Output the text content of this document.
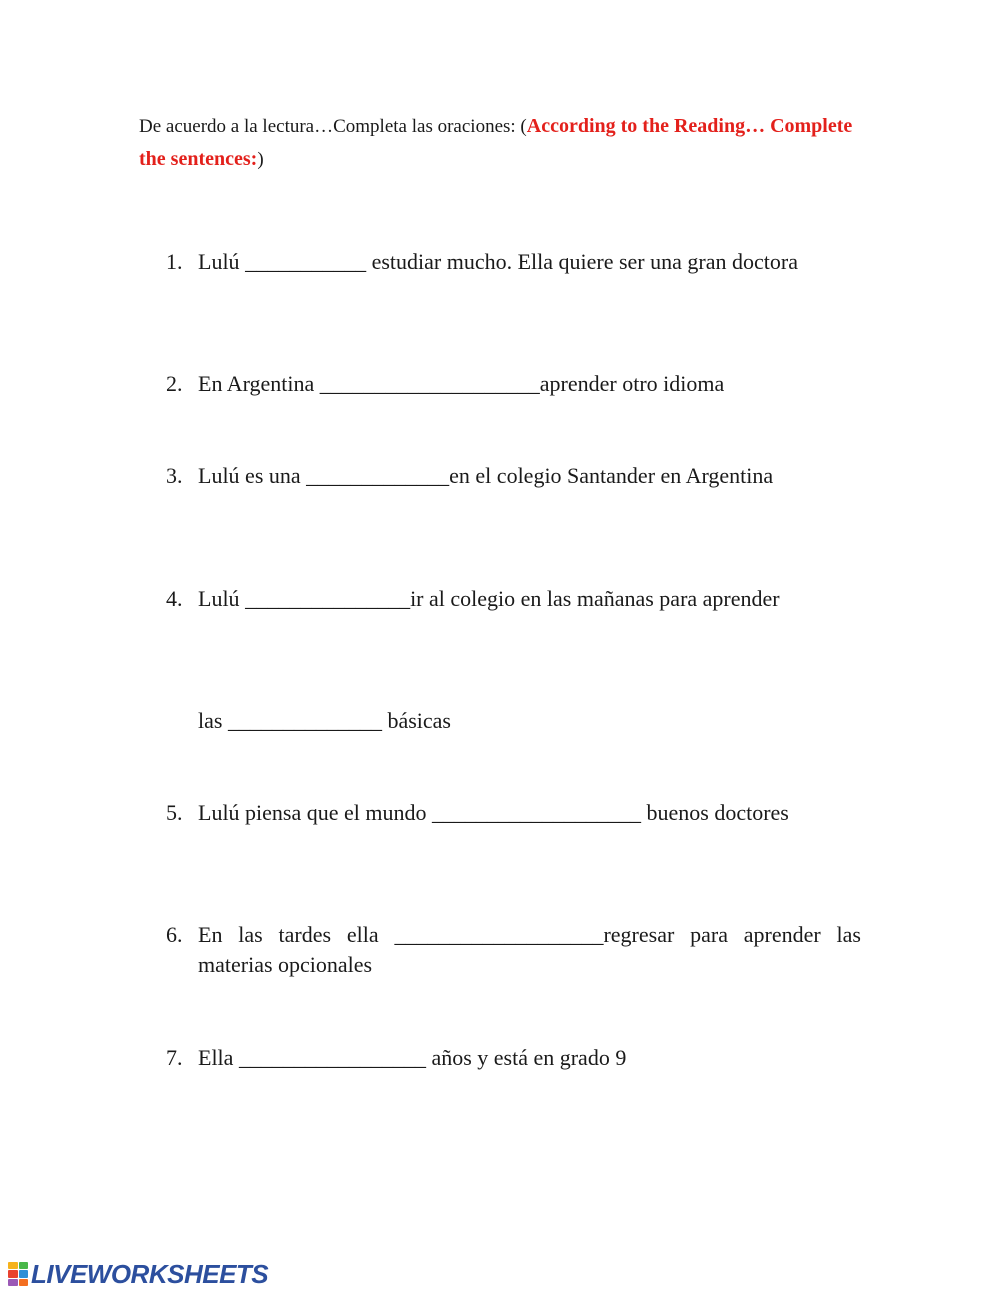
De acuerdo a la lectura…Completa las oraciones: (According to the Reading… Complete the sentences:)
1. Lulú ___________ estudiar mucho. Ella quiere ser una gran doctora
2. En Argentina ____________________aprender otro idioma
3. Lulú es una _____________en el colegio Santander en Argentina
4. Lulú _______________ir al colegio en las mañanas para aprender
las ______________ básicas
5. Lulú piensa que el mundo ___________________ buenos doctores
6. En las tardes ella ___________________regresar para aprender las materias opcionales
7. Ella _________________ años y está en grado 9
LIVEWORKSHEETS
